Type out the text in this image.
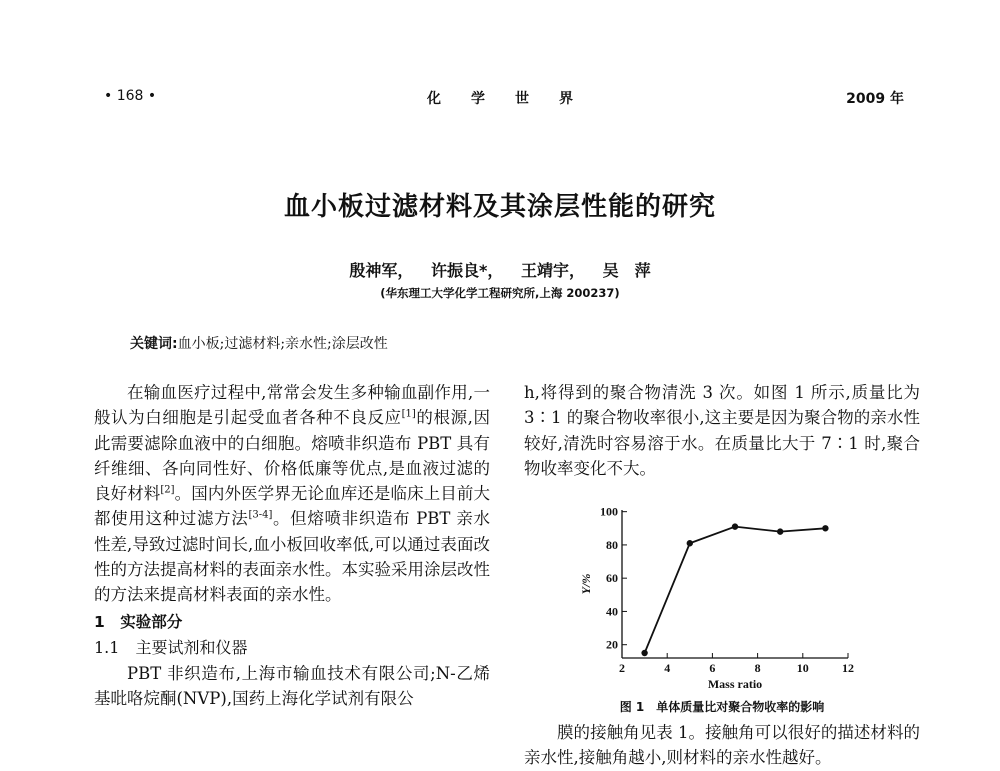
• 168 •	化学世界	2009 年
血小板过滤材料及其涂层性能的研究
殷神军， 许振良*， 王靖宇， 吴　萍
(华东理工大学化学工程研究所,上海 200237)
关键词:血小板;过滤材料;亲水性;涂层改性

在输血医疗过程中,常常会发生多种输血副作用,一般认为白细胞是引起受血者各种不良反应[1]的根源,因此需要滤除血液中的白细胞。熔喷非织造布 PBT 具有纤维细、各向同性好、价格低廉等优点,是血液过滤的良好材料[2]。国内外医学界无论血库还是临床上目前大都使用这种过滤方法[3-4]。但熔喷非织造布 PBT 亲水性差,导致过滤时间长,血小板回收率低,可以通过表面改性的方法提高材料的表面亲水性。本实验采用涂层改性的方法来提高材料表面的亲水性。

1　实验部分

1.1　主要试剂和仪器

PBT 非织造布,上海市输血技术有限公司;N-乙烯基吡咯烷酮(NVP),国药上海化学试剂有限公

h,将得到的聚合物清洗 3 次。如图 1 所示,质量比为 3∶1 的聚合物收率很小,这主要是因为聚合物的亲水性较好,清洗时容易溶于水。在质量比大于 7∶1 时,聚合物收率变化不大。

2	4	6	8	10	12
20
40
60
80
100
Mass ratio
Y/%
图 1　单体质量比对聚合物收率的影响

膜的接触角见表 1。接触角可以很好的描述材料的亲水性,接触角越小,则材料的亲水性越好。
